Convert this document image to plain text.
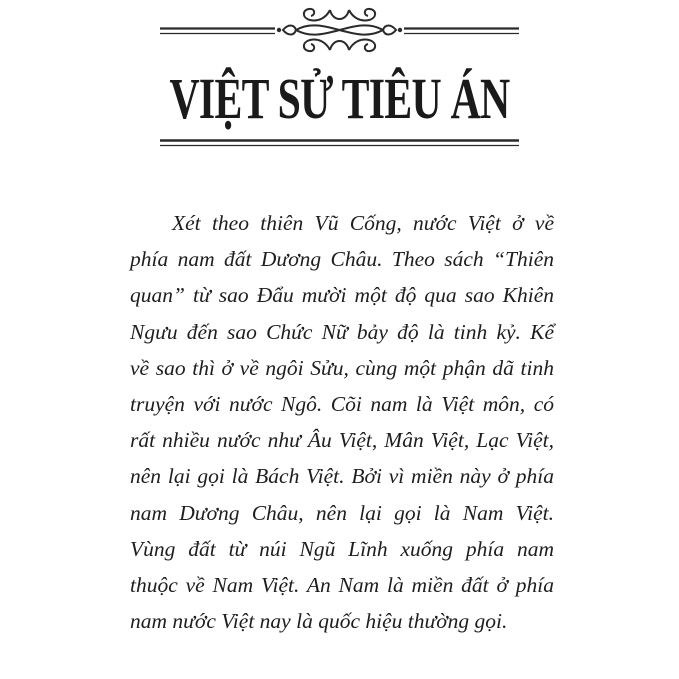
VIỆT SỬ TIÊU ÁN

Xét theo thiên Vũ Cống, nước Việt ở về
phía nam đất Dương Châu. Theo sách “Thiên
quan” từ sao Đẩu mười một độ qua sao Khiên
Ngưu đến sao Chức Nữ bảy độ là tinh kỷ. Kể
về sao thì ở về ngôi Sửu, cùng một phận dã tinh
truyện với nước Ngô. Cõi nam là Việt môn, có
rất nhiều nước như Âu Việt, Mân Việt, Lạc Việt,
nên lại gọi là Bách Việt. Bởi vì miền này ở phía
nam Dương Châu, nên lại gọi là Nam Việt.
Vùng đất từ núi Ngũ Lĩnh xuống phía nam
thuộc về Nam Việt. An Nam là miền đất ở phía
nam nước Việt nay là quốc hiệu thường gọi.
